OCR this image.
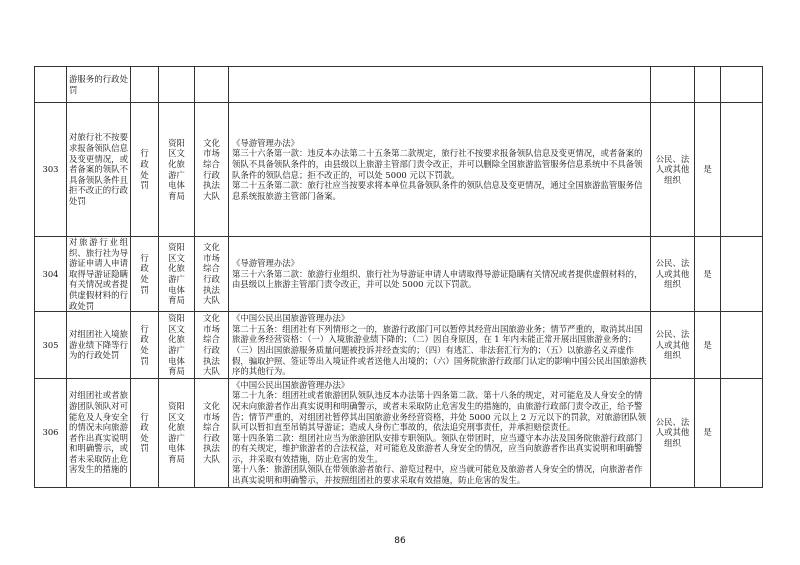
	游服务的行政处罚	

303	对旅行社不按要求报备领队信息及变更情况，或者备案的领队不具备领队条件且拒不改正的行政处罚	行政处罚	资阳区文化旅游广电体育局	文化市场综合行政执法大队	《导游管理办法》
第三十六条第一款：违反本办法第二十五条第二款规定，旅行社不按要求报备领队信息及变更情况，或者备案的领队不具备领队条件的，由县级以上旅游主管部门责令改正，并可以删除全国旅游监管服务信息系统中不具备领队条件的领队信息；拒不改正的，可以处 5000 元以下罚款。
第二十五条第二款：旅行社应当按要求将本单位具备领队条件的领队信息及变更情况，通过全国旅游监管服务信息系统报旅游主管部门备案。	公民、法人或其他组织	是	
304	对旅游行业组织、旅行社为导游证申请人申请取得导游证隐瞒有关情况或者提供虚假材料的行政处罚	行政处罚	资阳区文化旅游广电体育局	文化市场综合行政执法大队	《导游管理办法》
第三十六条第二款：旅游行业组织、旅行社为导游证申请人申请取得导游证隐瞒有关情况或者提供虚假材料的，由县级以上旅游主管部门责令改正，并可以处 5000 元以下罚款。	公民、法人或其他组织	是	
305	对组团社入境旅游业绩下降等行为的行政处罚	行政处罚	资阳区文化旅游广电体育局	文化市场综合行政执法大队	《中国公民出国旅游管理办法》
第二十五条：组团社有下列情形之一的，旅游行政部门可以暂停其经营出国旅游业务；情节严重的，取消其出国旅游业务经营资格：（一）入境旅游业绩下降的；（二）因自身原因，在 1 年内未能正常开展出国旅游业务的；（三）因出国旅游服务质量问题被投诉并经查实的；（四）有逃汇、非法套汇行为的；（五）以旅游名义弄虚作假，骗取护照、签证等出入境证件或者送他人出境的；（六）国务院旅游行政部门认定的影响中国公民出国旅游秩序的其他行为。	公民、法人或其他组织	是	
306	对组团社或者旅游团队领队对可能危及人身安全的情况未向旅游者作出真实说明和明确警示，或者未采取防止危害发生的措施的	行政处罚	资阳区文化旅游广电体育局	文化市场综合行政执法大队	《中国公民出国旅游管理办法》
第二十九条：组团社或者旅游团队领队违反本办法第十四条第二款、第十八条的规定，对可能危及人身安全的情况未向旅游者作出真实说明和明确警示，或者未采取防止危害发生的措施的，由旅游行政部门责令改正，给予警告；情节严重的，对组团社暂停其出国旅游业务经营资格，并处 5000 元以上 2 万元以下的罚款，对旅游团队领队可以暂扣直至吊销其导游证；造成人身伤亡事故的，依法追究刑事责任，并承担赔偿责任。
第十四条第二款：组团社应当为旅游团队安排专职领队。领队在带团时，应当遵守本办法及国务院旅游行政部门的有关规定，维护旅游者的合法权益，对可能危及旅游者人身安全的情况，应当向旅游者作出真实说明和明确警示，并采取有效措施，防止危害的发生。
第十八条：旅游团队领队在带领旅游者旅行、游览过程中，应当就可能危及旅游者人身安全的情况，向旅游者作出真实说明和明确警示，并按照组团社的要求采取有效措施，防止危害的发生。	公民、法人或其他组织	是	
86
